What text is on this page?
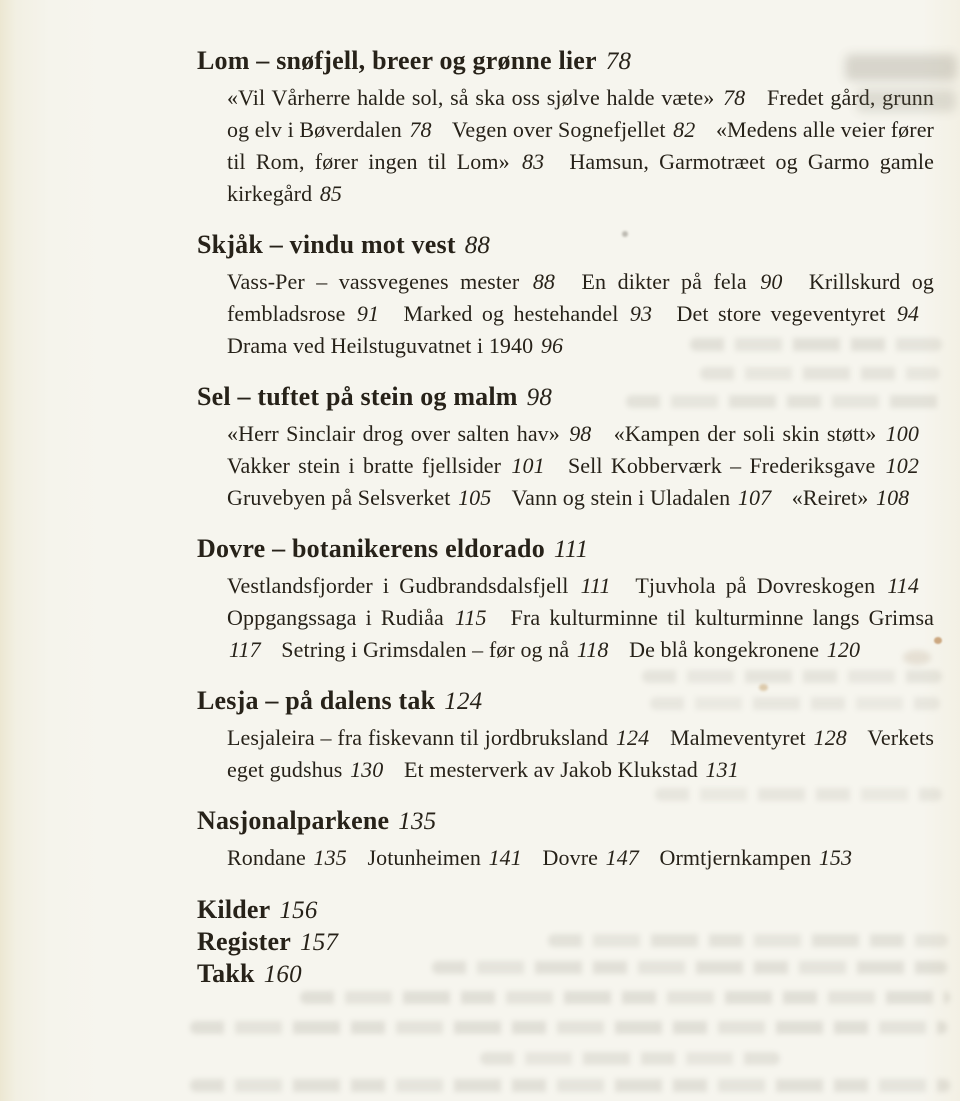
Lom – snøfjell, breer og grønne lier 78

«Vil Vårherre halde sol, så ska oss sjølve halde væte» 78 Fredet gård, grunn og elv i Bøverdalen 78 Vegen over Sognefjellet 82 «Medens alle veier fører til Rom, fører ingen til Lom» 83 Hamsun, Garmotræet og Garmo gamle kirkegård 85

Skjåk – vindu mot vest 88

Vass-Per – vassvegenes mester 88 En dikter på fela 90 Krillskurd og fembladsrose 91 Marked og hestehandel 93 Det store vegeventyret 94 Drama ved Heilstuguvatnet i 1940 96

Sel – tuftet på stein og malm 98

«Herr Sinclair drog over salten hav» 98 «Kampen der soli skin støtt» 100 Vakker stein i bratte fjellsider 101 Sell Kobberværk – Frederiksgave 102 Gruvebyen på Selsverket 105 Vann og stein i Uladalen 107 «Reiret» 108

Dovre – botanikerens eldorado 111

Vestlandsfjorder i Gudbrandsdalsfjell 111 Tjuvhola på Dovreskogen 114 Oppgangssaga i Rudiåa 115 Fra kulturminne til kulturminne langs Grimsa 117 Setring i Grimsdalen – før og nå 118 De blå kongekronene 120

Lesja – på dalens tak 124

Lesjaleira – fra fiskevann til jordbruksland 124 Malmeventyret 128 Verkets eget gudshus 130 Et mesterverk av Jakob Klukstad 131

Nasjonalparkene 135

Rondane 135 Jotunheimen 141 Dovre 147 Ormtjernkampen 153

Kilder 156
Register 157
Takk 160
